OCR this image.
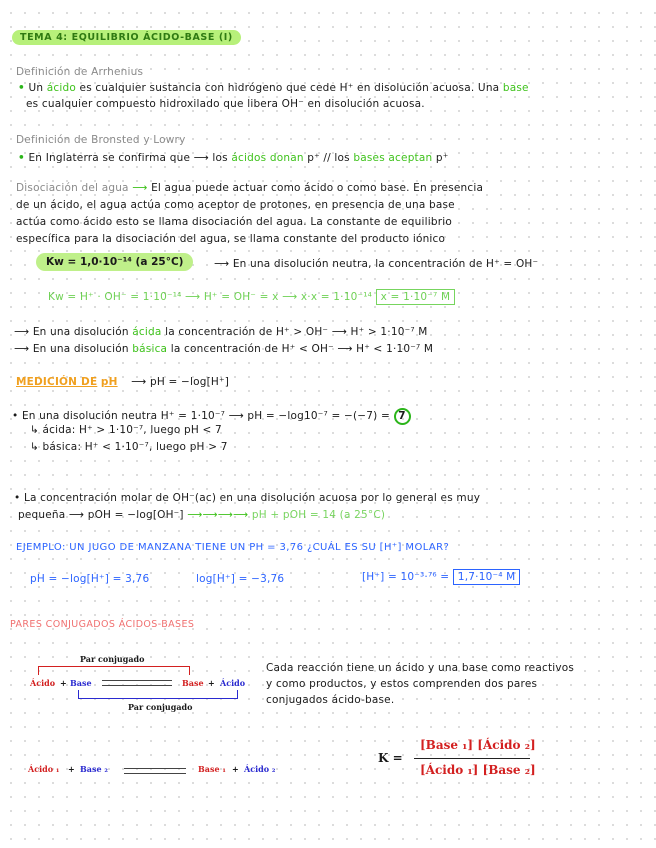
TEMA 4: EQUILIBRIO ÁCIDO-BASE (I)
Definición de Arrhenius
• Un ácido es cualquier sustancia con hidrógeno que cede H⁺ en disolución acuosa. Una base
es cualquier compuesto hidroxilado que libera OH⁻ en disolución acuosa.
Definición de Bronsted y Lowry
• En Inglaterra se confirma que ⟶ los ácidos donan p⁺ // los bases aceptan p⁺
Disociación del agua ⟶ El agua puede actuar como ácido o como base. En presencia
de un ácido, el agua actúa como aceptor de protones, en presencia de una base
actúa como ácido esto se llama disociación del agua. La constante de equilibrio
específica para la disociación del agua, se llama constante del producto iónico
Kw = 1,0·10⁻¹⁴ (a 25°C)	⟶ En una disolución neutra, la concentración de H⁺ = OH⁻
Kw = H⁺ · OH⁻ = 1·10⁻¹⁴ ⟶ H⁺ = OH⁻ = x ⟶ x·x = 1·10⁻¹⁴ x = 1·10⁻⁷ M
⟶ En una disolución ácida la concentración de H⁺ > OH⁻ ⟶ H⁺ > 1·10⁻⁷ M
⟶ En una disolución básica la concentración de H⁺ < OH⁻ ⟶ H⁺ < 1·10⁻⁷ M
MEDICIÓN DE pH ⟶ pH = −log[H⁺]
• En una disolución neutra H⁺ = 1·10⁻⁷ ⟶ pH = −log10⁻⁷ = −(−7) = 7
↳ ácida: H⁺ > 1·10⁻⁷, luego pH < 7
↳ básica: H⁺ < 1·10⁻⁷, luego pH > 7
• La concentración molar de OH⁻(ac) en una disolución acuosa por lo general es muy
pequeña ⟶ pOH = −log[OH⁻] ⟶⟶⟶⟶ pH + pOH = 14 (a 25°C)
EJEMPLO: UN JUGO DE MANZANA TIENE UN PH = 3,76 ¿CUÁL ES SU [H⁺] MOLAR?
pH = −log[H⁺] = 3,76	log[H⁺] = −3,76	[H⁺] = 10⁻³·⁷⁶ = 1,7·10⁻⁴ M
PARES CONJUGADOS ÁCIDOS-BASES
Par conjugado
Ácido + Base	Base + Ácido
Par conjugado
Cada reacción tiene un ácido y una base como reactivos
y como productos, y estos comprenden dos pares
conjugados ácido-base.
Ácido ₁ + Base ₂	Base ₁ + Ácido ₂
K =
[Base ₁] [Ácido ₂]
[Ácido ₁] [Base ₂]
